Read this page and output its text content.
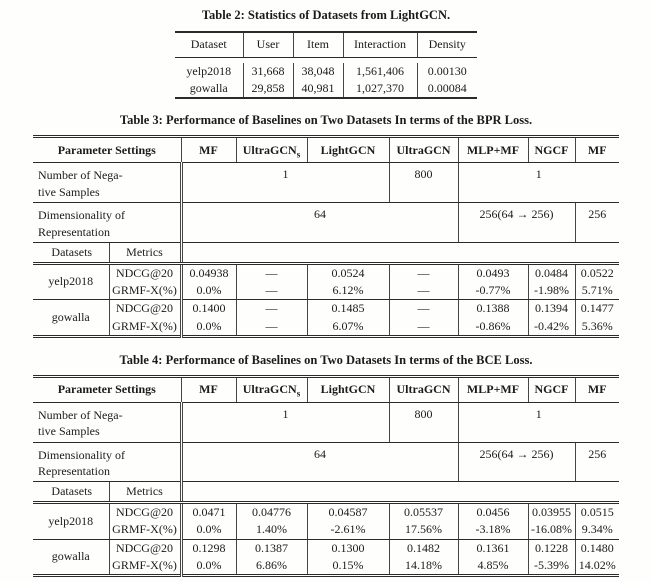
Table 2: Statistics of Datasets from LightGCN.
Dataset	User	Item	Interaction	Density

yelp2018	31,668	38,048	1,561,406	0.00130
gowalla	29,858	40,981	1,027,370	0.00084
Table 3: Performance of Baselines on Two Datasets In terms of the BPR Loss.
Parameter Settings		MF	UltraGCN$_s$	LightGCN	UltraGCN	MLP+MF	NGCF	MF
Number of Nega-
tive Samples		1			800	1		
Dimensionality of
Representation		64				256(64 → 256)		256
Datasets	Metrics							
yelp2018	NDCG@20	0.04938	—	0.0524	—	0.0493	0.0484	0.0522
	GRMF-X(%)	0.0%	—	6.12%	—	-0.77%	-1.98%	5.71%
gowalla	NDCG@20	0.1400	—	0.1485	—	0.1388	0.1394	0.1477
	GRMF-X(%)	0.0%	—	6.07%	—	-0.86%	-0.42%	5.36%
Table 4: Performance of Baselines on Two Datasets In terms of the BCE Loss.
Parameter Settings		MF	UltraGCN$_s$	LightGCN	UltraGCN	MLP+MF	NGCF	MF
Number of Nega-
tive Samples		1			800	1		
Dimensionality of
Representation		64				256(64 → 256)		256
Datasets	Metrics							
yelp2018	NDCG@20	0.0471	0.04776	0.04587	0.05537	0.0456	0.03955	0.0515
	GRMF-X(%)	0.0%	1.40%	-2.61%	17.56%	-3.18%	-16.08%	9.34%
gowalla	NDCG@20	0.1298	0.1387	0.1300	0.1482	0.1361	0.1228	0.1480
	GRMF-X(%)	0.0%	6.86%	0.15%	14.18%	4.85%	-5.39%	14.02%
